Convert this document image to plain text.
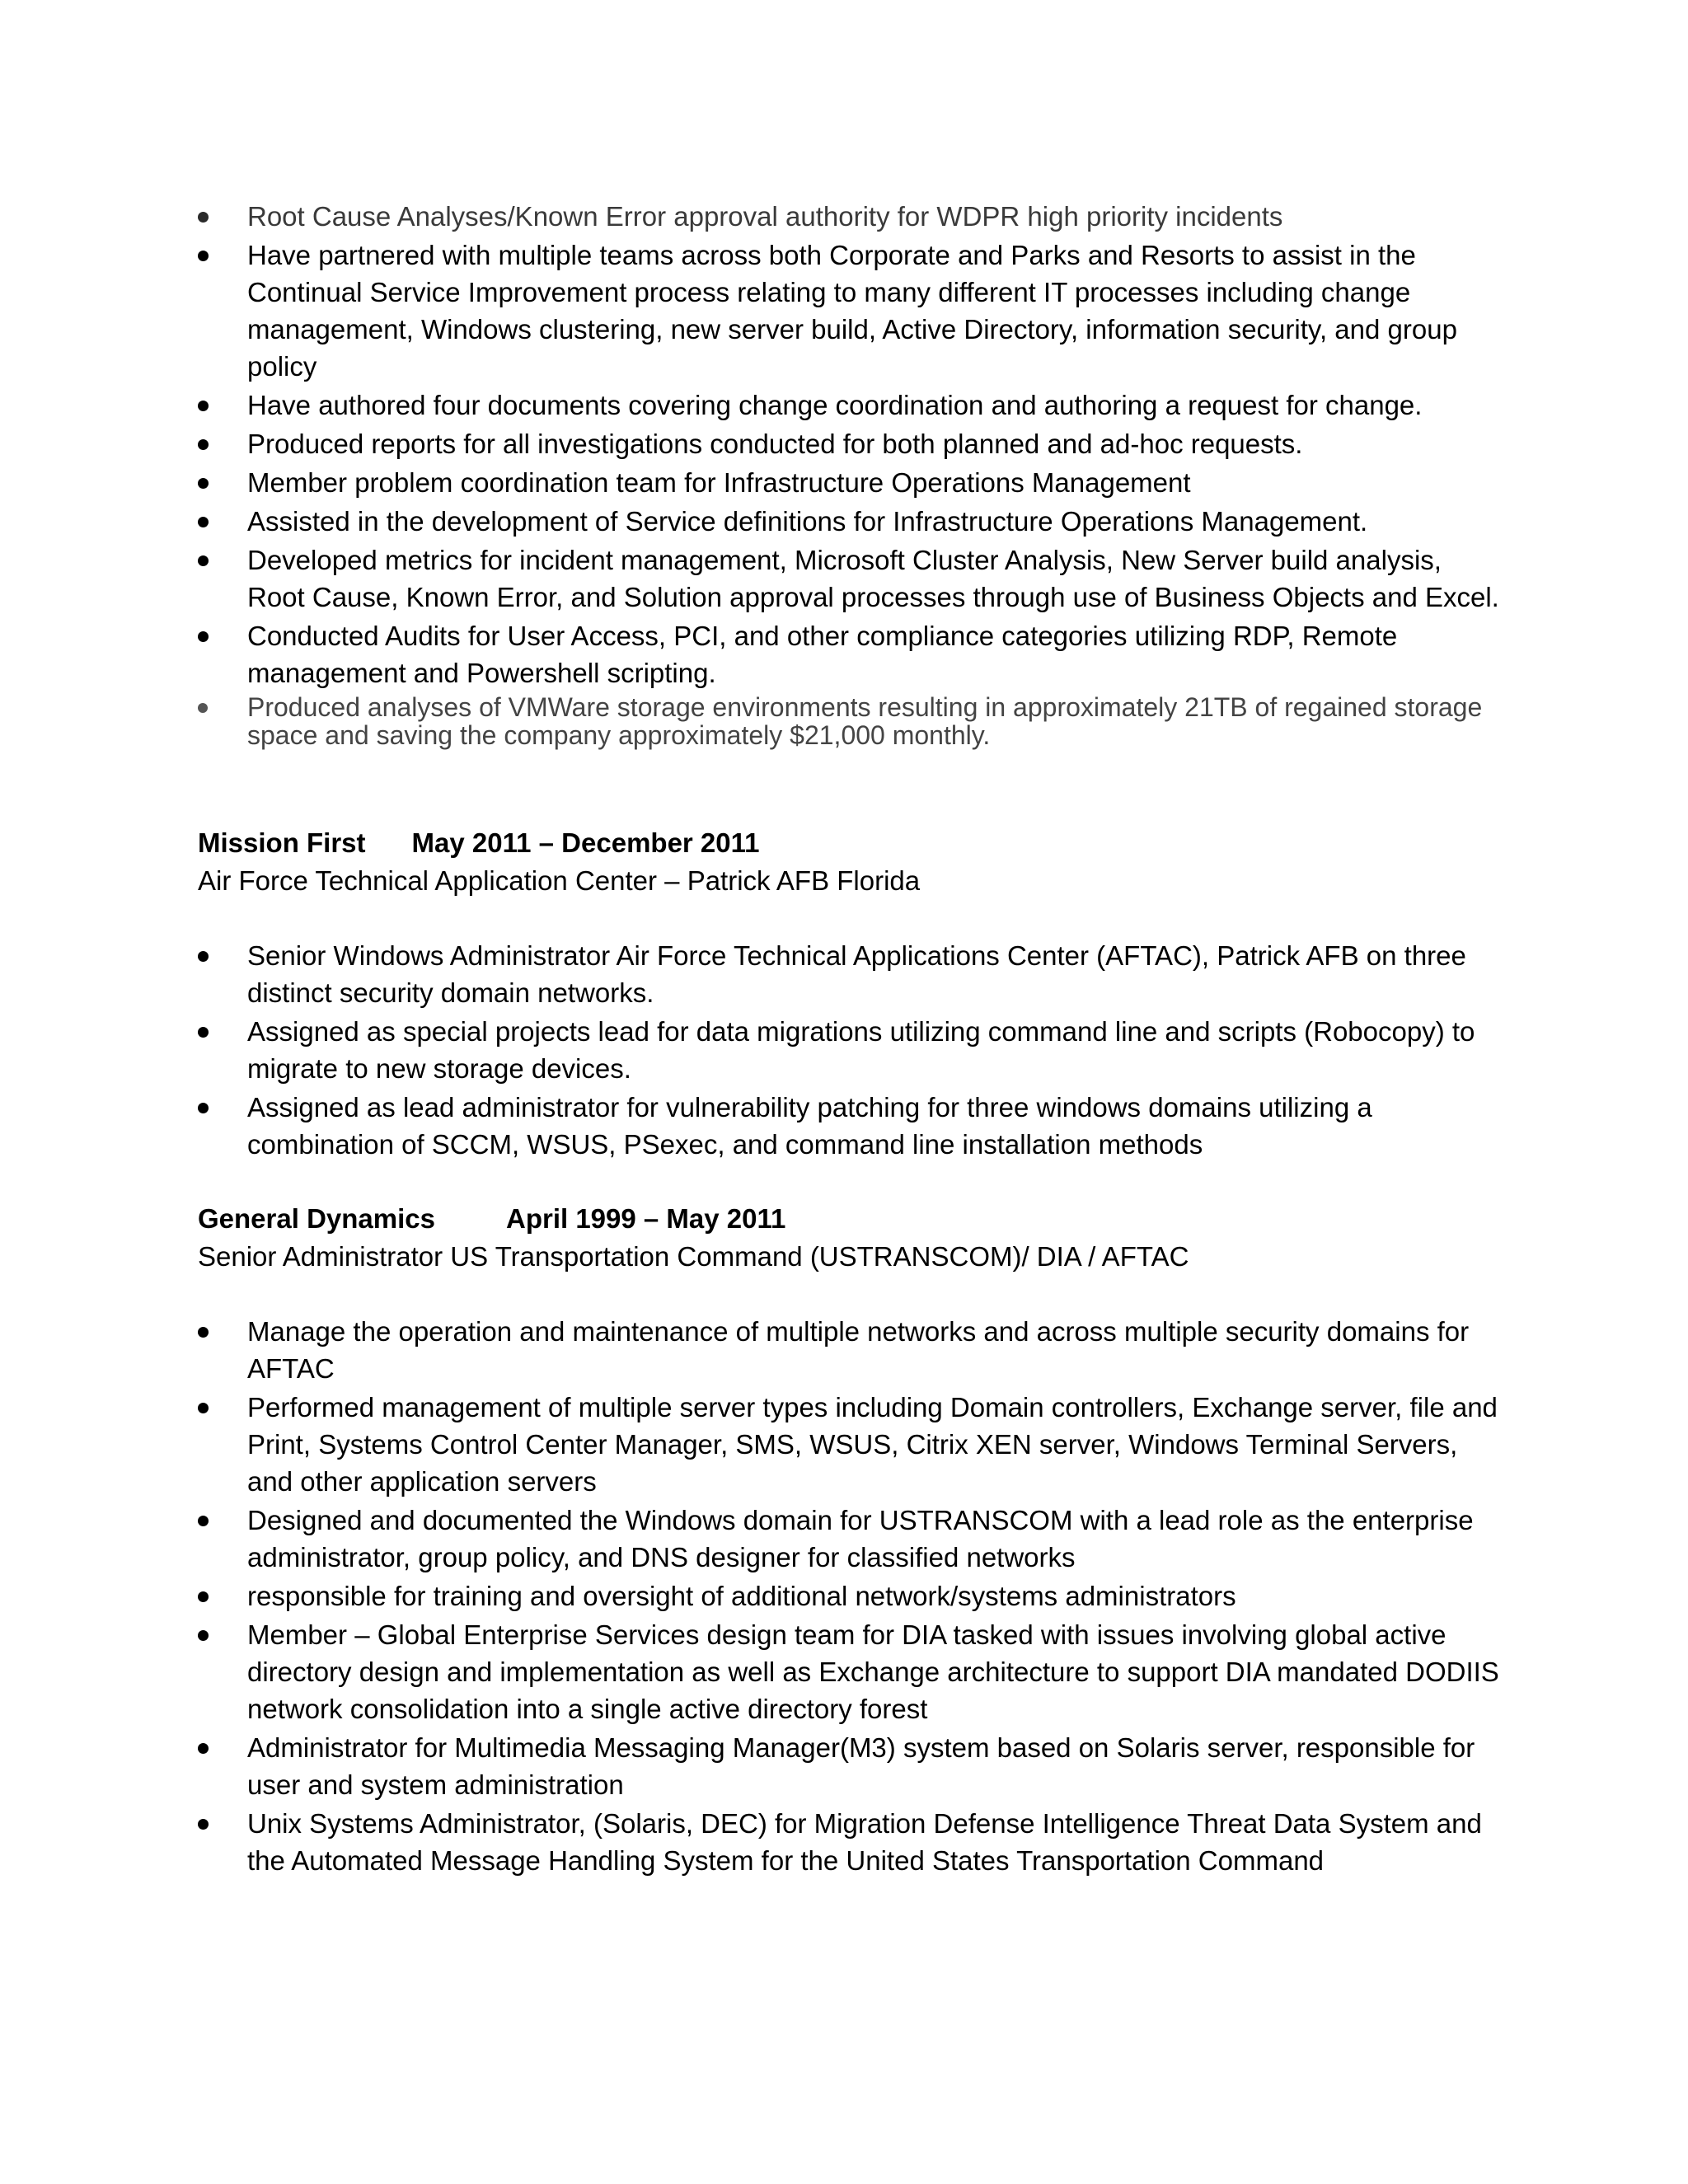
Root Cause Analyses/Known Error approval authority for WDPR high priority incidents
Have partnered with multiple teams across both Corporate and Parks and Resorts to assist in the Continual Service Improvement process relating to many different IT processes including change management, Windows clustering, new server build, Active Directory, information security, and group policy
Have authored four documents covering change coordination and authoring a request for change.
Produced reports for all investigations conducted for both planned and ad-hoc requests.
Member problem coordination team for Infrastructure Operations Management
Assisted in the development of Service definitions for Infrastructure Operations Management.
Developed metrics for incident management, Microsoft Cluster Analysis, New Server build analysis, Root Cause, Known Error, and Solution approval processes through use of Business Objects and Excel.
Conducted Audits for User Access, PCI, and other compliance categories utilizing RDP, Remote management and Powershell scripting.
Produced analyses of VMWare storage environments resulting in approximately 21TB of regained storage space and saving the company approximately $21,000 monthly.
Mission First May 2011 – December 2011
Air Force Technical Application Center – Patrick AFB Florida
Senior Windows Administrator Air Force Technical Applications Center (AFTAC), Patrick AFB on three distinct security domain networks.
Assigned as special projects lead for data migrations utilizing command line and scripts (Robocopy) to migrate to new storage devices.
Assigned as lead administrator for vulnerability patching for three windows domains utilizing a combination of SCCM, WSUS, PSexec, and command line installation methods
General Dynamics	April 1999 – May 2011
Senior Administrator US Transportation Command (USTRANSCOM)/ DIA / AFTAC
Manage the operation and maintenance of multiple networks and across multiple security domains for AFTAC
Performed management of multiple server types including Domain controllers, Exchange server, file and Print, Systems Control Center Manager, SMS, WSUS, Citrix XEN server, Windows Terminal Servers, and other application servers
Designed and documented the Windows domain for USTRANSCOM with a lead role as the enterprise administrator, group policy, and DNS designer for classified networks
responsible for training and oversight of additional network/systems administrators
Member – Global Enterprise Services design team for DIA tasked with issues involving global active directory design and implementation as well as Exchange architecture to support DIA mandated DODIIS network consolidation into a single active directory forest
Administrator for Multimedia Messaging Manager(M3) system based on Solaris server, responsible for user and system administration
Unix Systems Administrator, (Solaris, DEC) for Migration Defense Intelligence Threat Data System and the Automated Message Handling System for the United States Transportation Command
